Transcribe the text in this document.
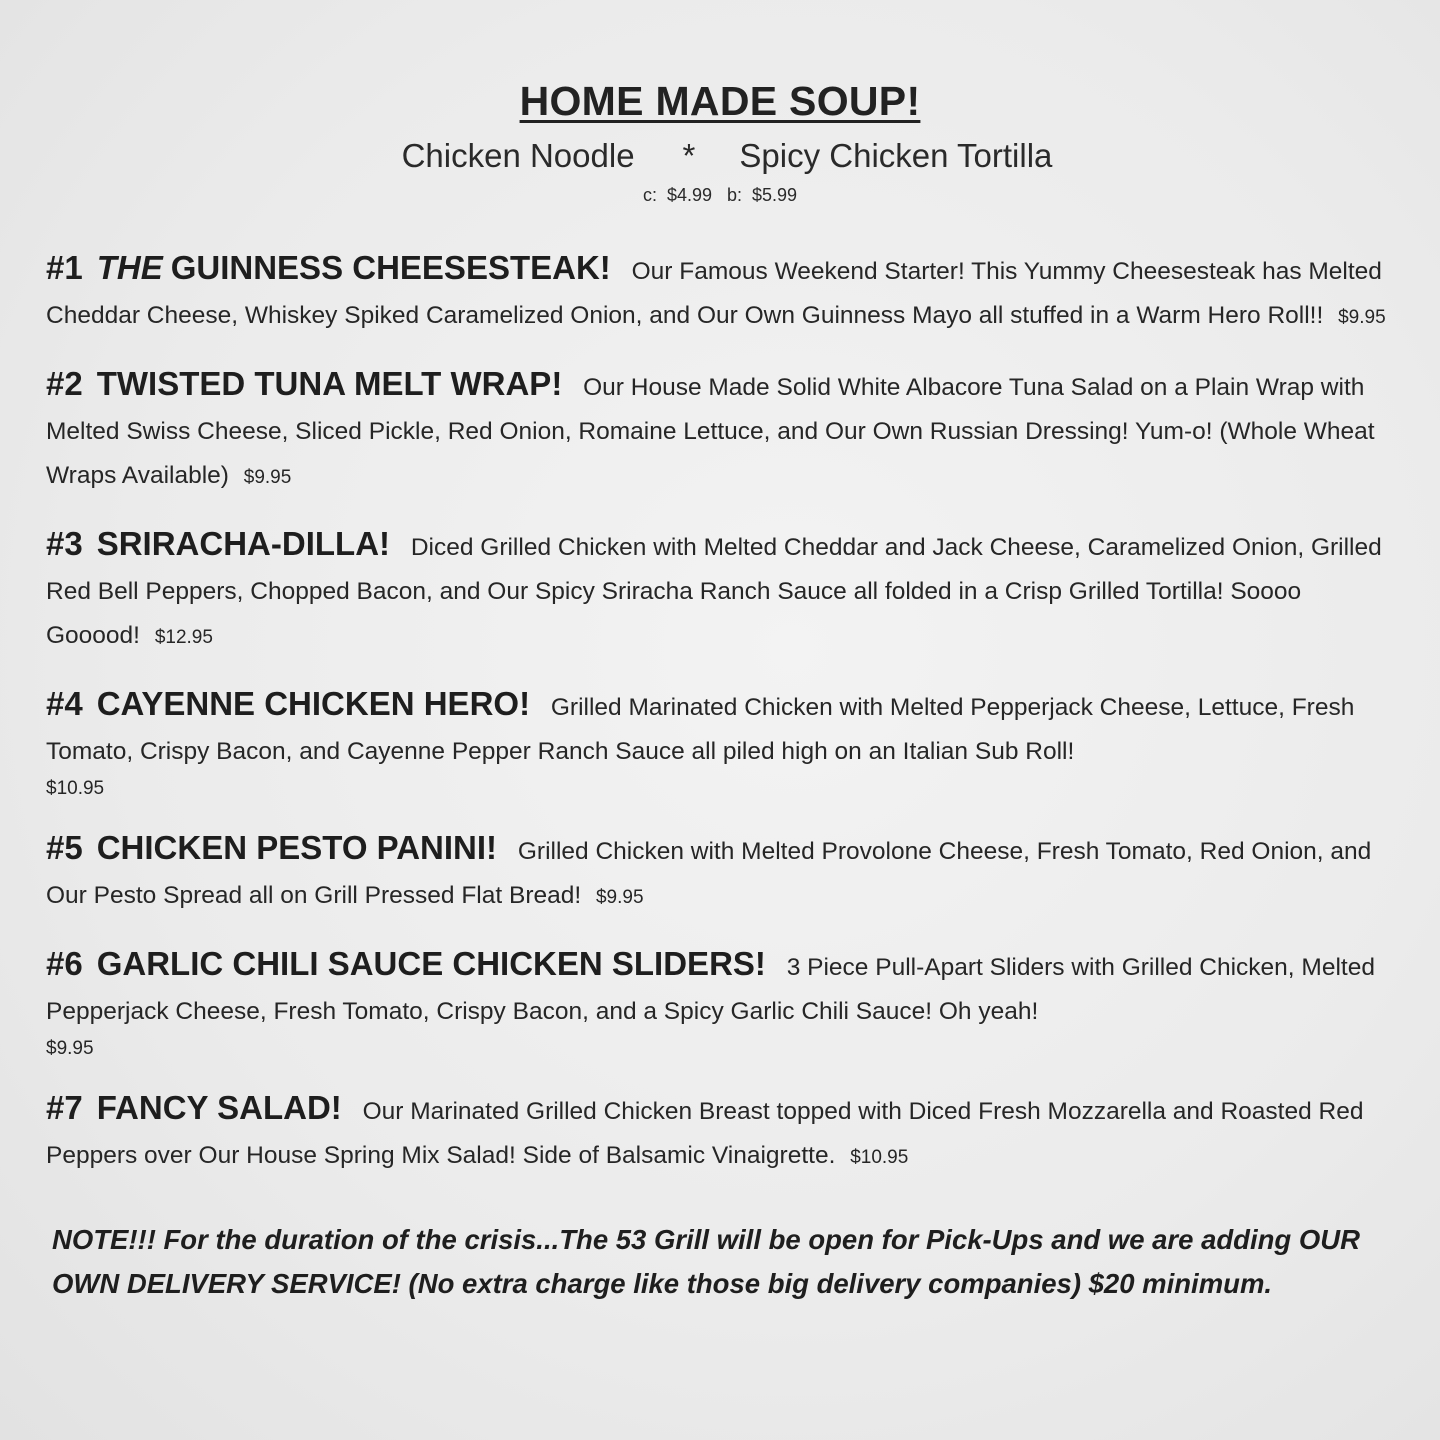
HOME MADE SOUP!
Chicken Noodle * Spicy Chicken Tortilla
c:  $4.99   b:  $5.99
#1 THE GUINNESS CHEESESTEAK! Our Famous Weekend Starter! This Yummy Cheesesteak has Melted Cheddar Cheese, Whiskey Spiked Caramelized Onion, and Our Own Guinness Mayo all stuffed in a Warm Hero Roll!! $9.95
#2 TWISTED TUNA MELT WRAP! Our House Made Solid White Albacore Tuna Salad on a Plain Wrap with Melted Swiss Cheese, Sliced Pickle, Red Onion, Romaine Lettuce, and Our Own Russian Dressing! Yum-o! (Whole Wheat Wraps Available) $9.95
#3 SRIRACHA-DILLA! Diced Grilled Chicken with Melted Cheddar and Jack Cheese, Caramelized Onion, Grilled Red Bell Peppers, Chopped Bacon, and Our Spicy Sriracha Ranch Sauce all folded in a Crisp Grilled Tortilla! Soooo Gooood! $12.95
#4 CAYENNE CHICKEN HERO! Grilled Marinated Chicken with Melted Pepperjack Cheese, Lettuce, Fresh Tomato, Crispy Bacon, and Cayenne Pepper Ranch Sauce all piled high on an Italian Sub Roll!
$10.95
#5 CHICKEN PESTO PANINI! Grilled Chicken with Melted Provolone Cheese, Fresh Tomato, Red Onion, and Our Pesto Spread all on Grill Pressed Flat Bread! $9.95
#6 GARLIC CHILI SAUCE CHICKEN SLIDERS! 3 Piece Pull-Apart Sliders with Grilled Chicken, Melted Pepperjack Cheese, Fresh Tomato, Crispy Bacon, and a Spicy Garlic Chili Sauce! Oh yeah!
$9.95
#7 FANCY SALAD! Our Marinated Grilled Chicken Breast topped with Diced Fresh Mozzarella and Roasted Red Peppers over Our House Spring Mix Salad! Side of Balsamic Vinaigrette. $10.95
NOTE!!! For the duration of the crisis...The 53 Grill will be open for Pick-Ups and we are adding OUR OWN DELIVERY SERVICE! (No extra charge like those big delivery companies) $20 minimum.
